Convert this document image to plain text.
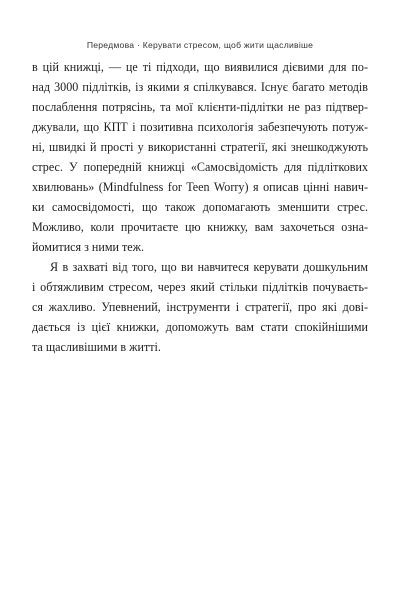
Передмова · Керувати стресом, щоб жити щасливіше
в цій книжці, — це ті підходи, що виявилися дієвими для по-
над 3000 підлітків, із якими я спілкувався. Існує багато методів
послаблення потрясінь, та мої клієнти-підлітки не раз підтвер-
джували, що КПТ і позитивна психологія забезпечують потуж-
ні, швидкі й прості у використанні стратегії, які знешкоджують
стрес. У попередній книжці «Самосвідомість для підліткових
хвилювань» (Mindfulness for Teen Worry) я описав цінні навич-
ки самосвідомості, що також допомагають зменшити стрес.
Можливо, коли прочитаєте цю книжку, вам захочеться озна-
йомитися з ними теж.
Я в захваті від того, що ви навчитеся керувати дошкульним
і обтяжливим стресом, через який стільки підлітків почуваєть-
ся жахливо. Упевнений, інструменти і стратегії, про які дові-
дається із цієї книжки, допоможуть вам стати спокійнішими
та щасливішими в житті.
